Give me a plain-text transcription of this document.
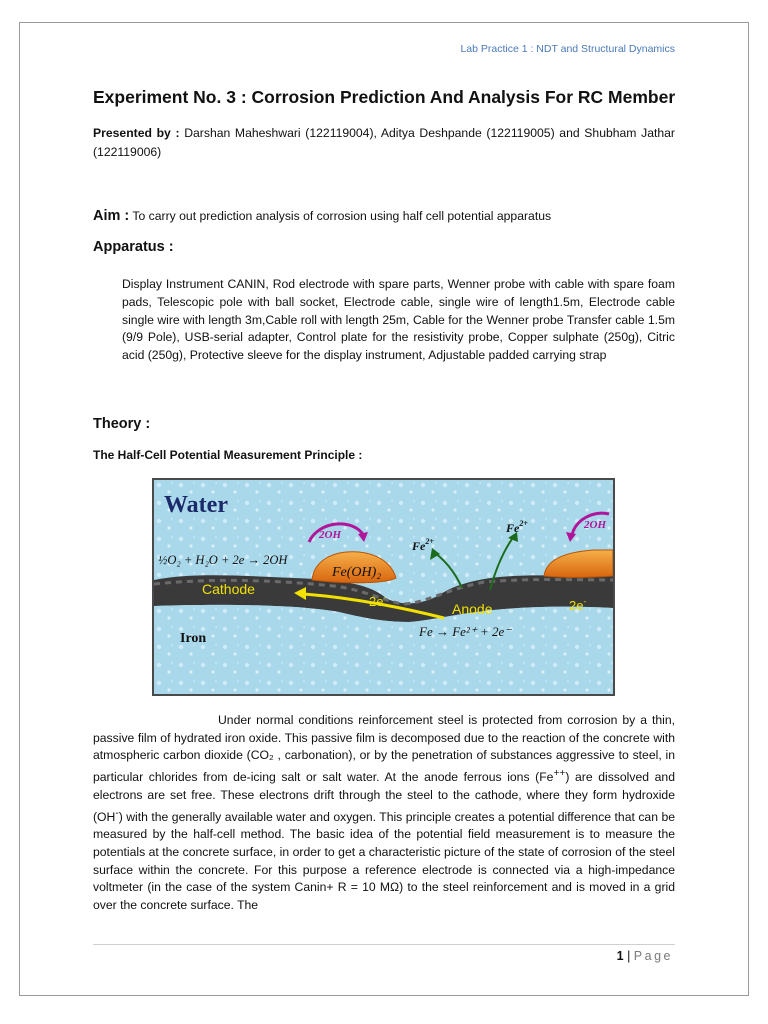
Lab Practice 1 : NDT and Structural Dynamics
Experiment No. 3 : Corrosion Prediction And Analysis For RC Member
Presented by : Darshan Maheshwari (122119004), Aditya Deshpande (122119005) and Shubham Jathar (122119006)
Aim : To carry out prediction analysis of corrosion using half cell potential apparatus
Apparatus :
Display Instrument CANIN, Rod electrode with spare parts, Wenner probe with cable with spare foam pads, Telescopic pole with ball socket, Electrode cable, single wire of length1.5m, Electrode cable single wire with length 3m,Cable roll with length 25m, Cable for the Wenner probe Transfer cable 1.5m (9/9 Pole), USB-serial adapter, Control plate for the resistivity probe, Copper sulphate (250g), Citric acid (250g), Protective sleeve for the display instrument, Adjustable padded carrying strap
Theory :
The Half-Cell Potential Measurement Principle :
Water
2OH
2OH
½O₂ + H₂O + 2e → 2OH
Fe(OH)₂
$Fe^{2+}$
$Fe^{2+}$
Cathode
2e-
Anode	2e-
Fe → Fe²⁺ + 2e⁻
Iron
Under normal conditions reinforcement steel is protected from corrosion by a thin, passive film of hydrated iron oxide. This passive film is decomposed due to the reaction of the concrete with atmospheric carbon dioxide (CO₂ , carbonation), or by the penetration of substances aggressive to steel, in particular chlorides from de-icing salt or salt water. At the anode ferrous ions (Fe++) are dissolved and electrons are set free. These electrons drift through the steel to the cathode, where they form hydroxide (OH-) with the generally available water and oxygen. This principle creates a potential difference that can be measured by the half-cell method. The basic idea of the potential field measurement is to measure the potentials at the concrete surface, in order to get a characteristic picture of the state of corrosion of the steel surface within the concrete. For this purpose a reference electrode is connected via a high-impedance voltmeter (in the case of the system Canin+ R = 10 MΩ) to the steel reinforcement and is moved in a grid over the concrete surface. The
1 | Page
